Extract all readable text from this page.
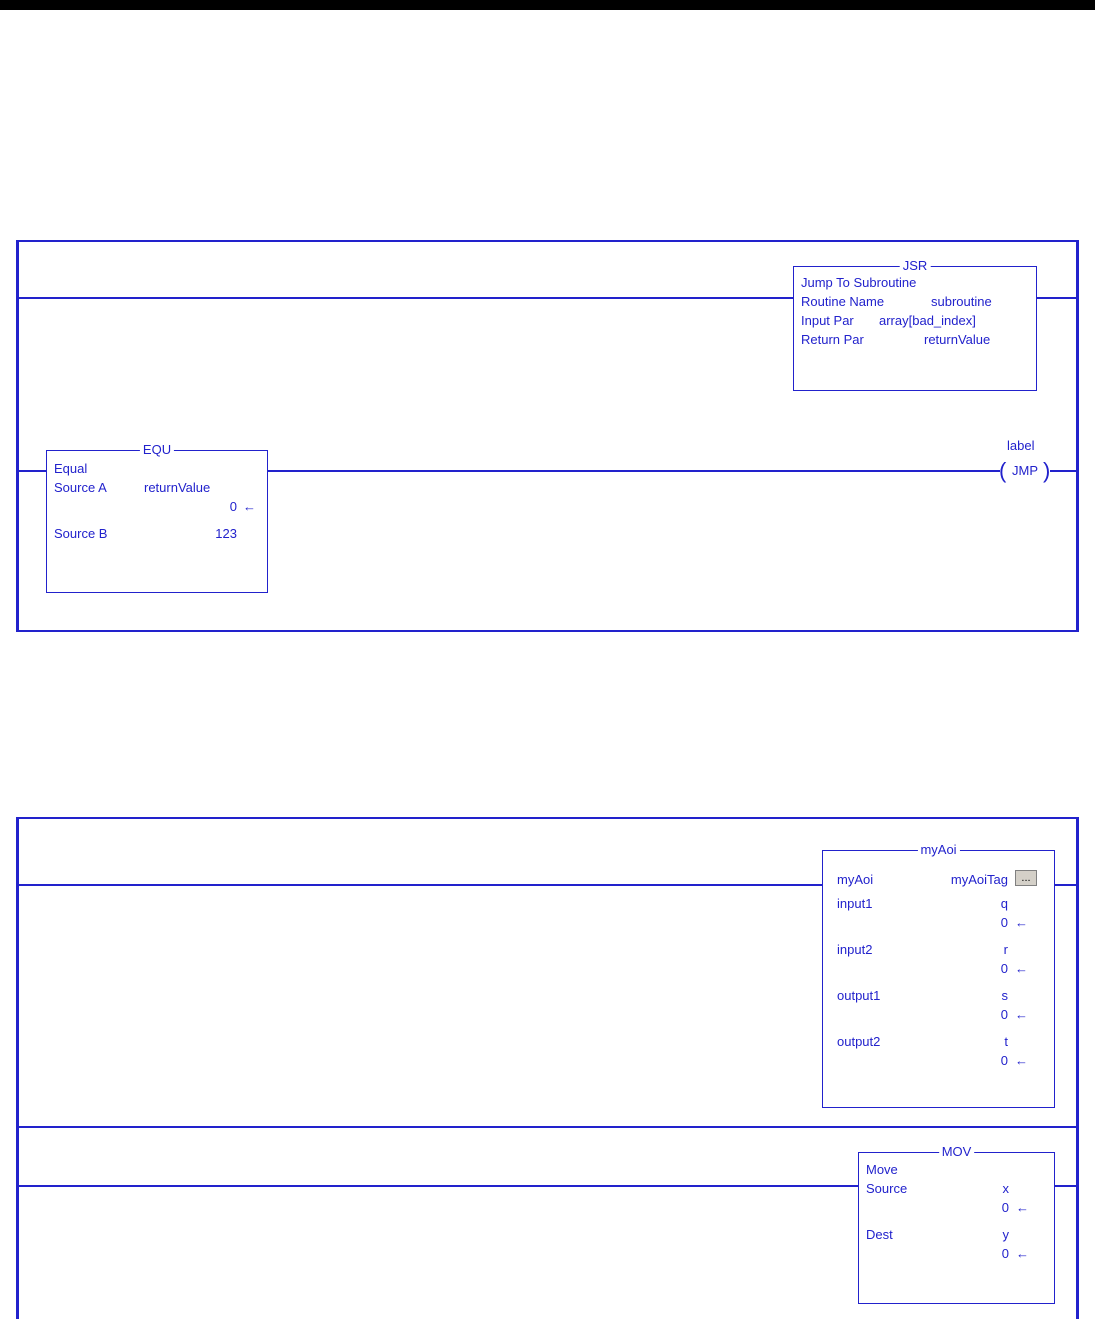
JSR
Jump To Subroutine
Routine Name	subroutine
Input Par array[bad_index]
Return Par	returnValue
EQU
Equal
Source A	returnValue
0 ←
Source B	123
label
( JMP )
myAoi
myAoi	myAoiTag	...
input1	q
0 ←
input2	r
0 ←
output1	s
0 ←
output2	t
0 ←
MOV
Move
Source	x
0 ←
Dest	y
0 ←
